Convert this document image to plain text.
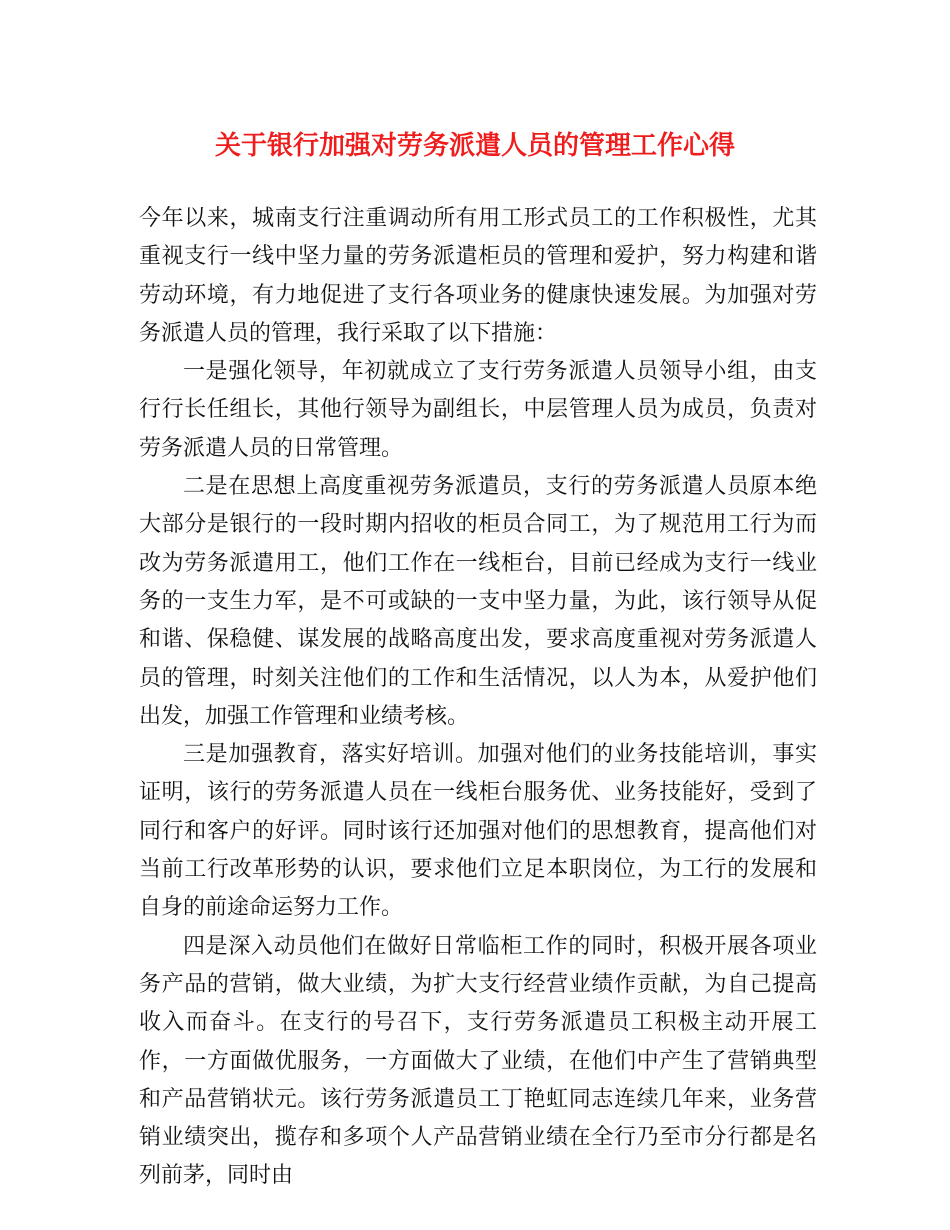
关于银行加强对劳务派遣人员的管理工作心得

今年以来，城南支行注重调动所有用工形式员工的工作积极性，尤其重视支行一线中坚力量的劳务派遣柜员的管理和爱护，努力构建和谐劳动环境，有力地促进了支行各项业务的健康快速发展。为加强对劳务派遣人员的管理，我行采取了以下措施：

一是强化领导，年初就成立了支行劳务派遣人员领导小组，由支行行长任组长，其他行领导为副组长，中层管理人员为成员，负责对劳务派遣人员的日常管理。

二是在思想上高度重视劳务派遣员，支行的劳务派遣人员原本绝大部分是银行的一段时期内招收的柜员合同工，为了规范用工行为而改为劳务派遣用工，他们工作在一线柜台，目前已经成为支行一线业务的一支生力军，是不可或缺的一支中坚力量，为此，该行领导从促和谐、保稳健、谋发展的战略高度出发，要求高度重视对劳务派遣人员的管理，时刻关注他们的工作和生活情况，以人为本，从爱护他们出发，加强工作管理和业绩考核。

三是加强教育，落实好培训。加强对他们的业务技能培训，事实证明，该行的劳务派遣人员在一线柜台服务优、业务技能好，受到了同行和客户的好评。同时该行还加强对他们的思想教育，提高他们对当前工行改革形势的认识，要求他们立足本职岗位，为工行的发展和自身的前途命运努力工作。

四是深入动员他们在做好日常临柜工作的同时，积极开展各项业务产品的营销，做大业绩，为扩大支行经营业绩作贡献，为自己提高收入而奋斗。在支行的号召下，支行劳务派遣员工积极主动开展工作，一方面做优服务，一方面做大了业绩，在他们中产生了营销典型和产品营销状元。该行劳务派遣员工丁艳虹同志连续几年来，业务营销业绩突出，揽存和多项个人产品营销业绩在全行乃至市分行都是名列前茅，同时由
